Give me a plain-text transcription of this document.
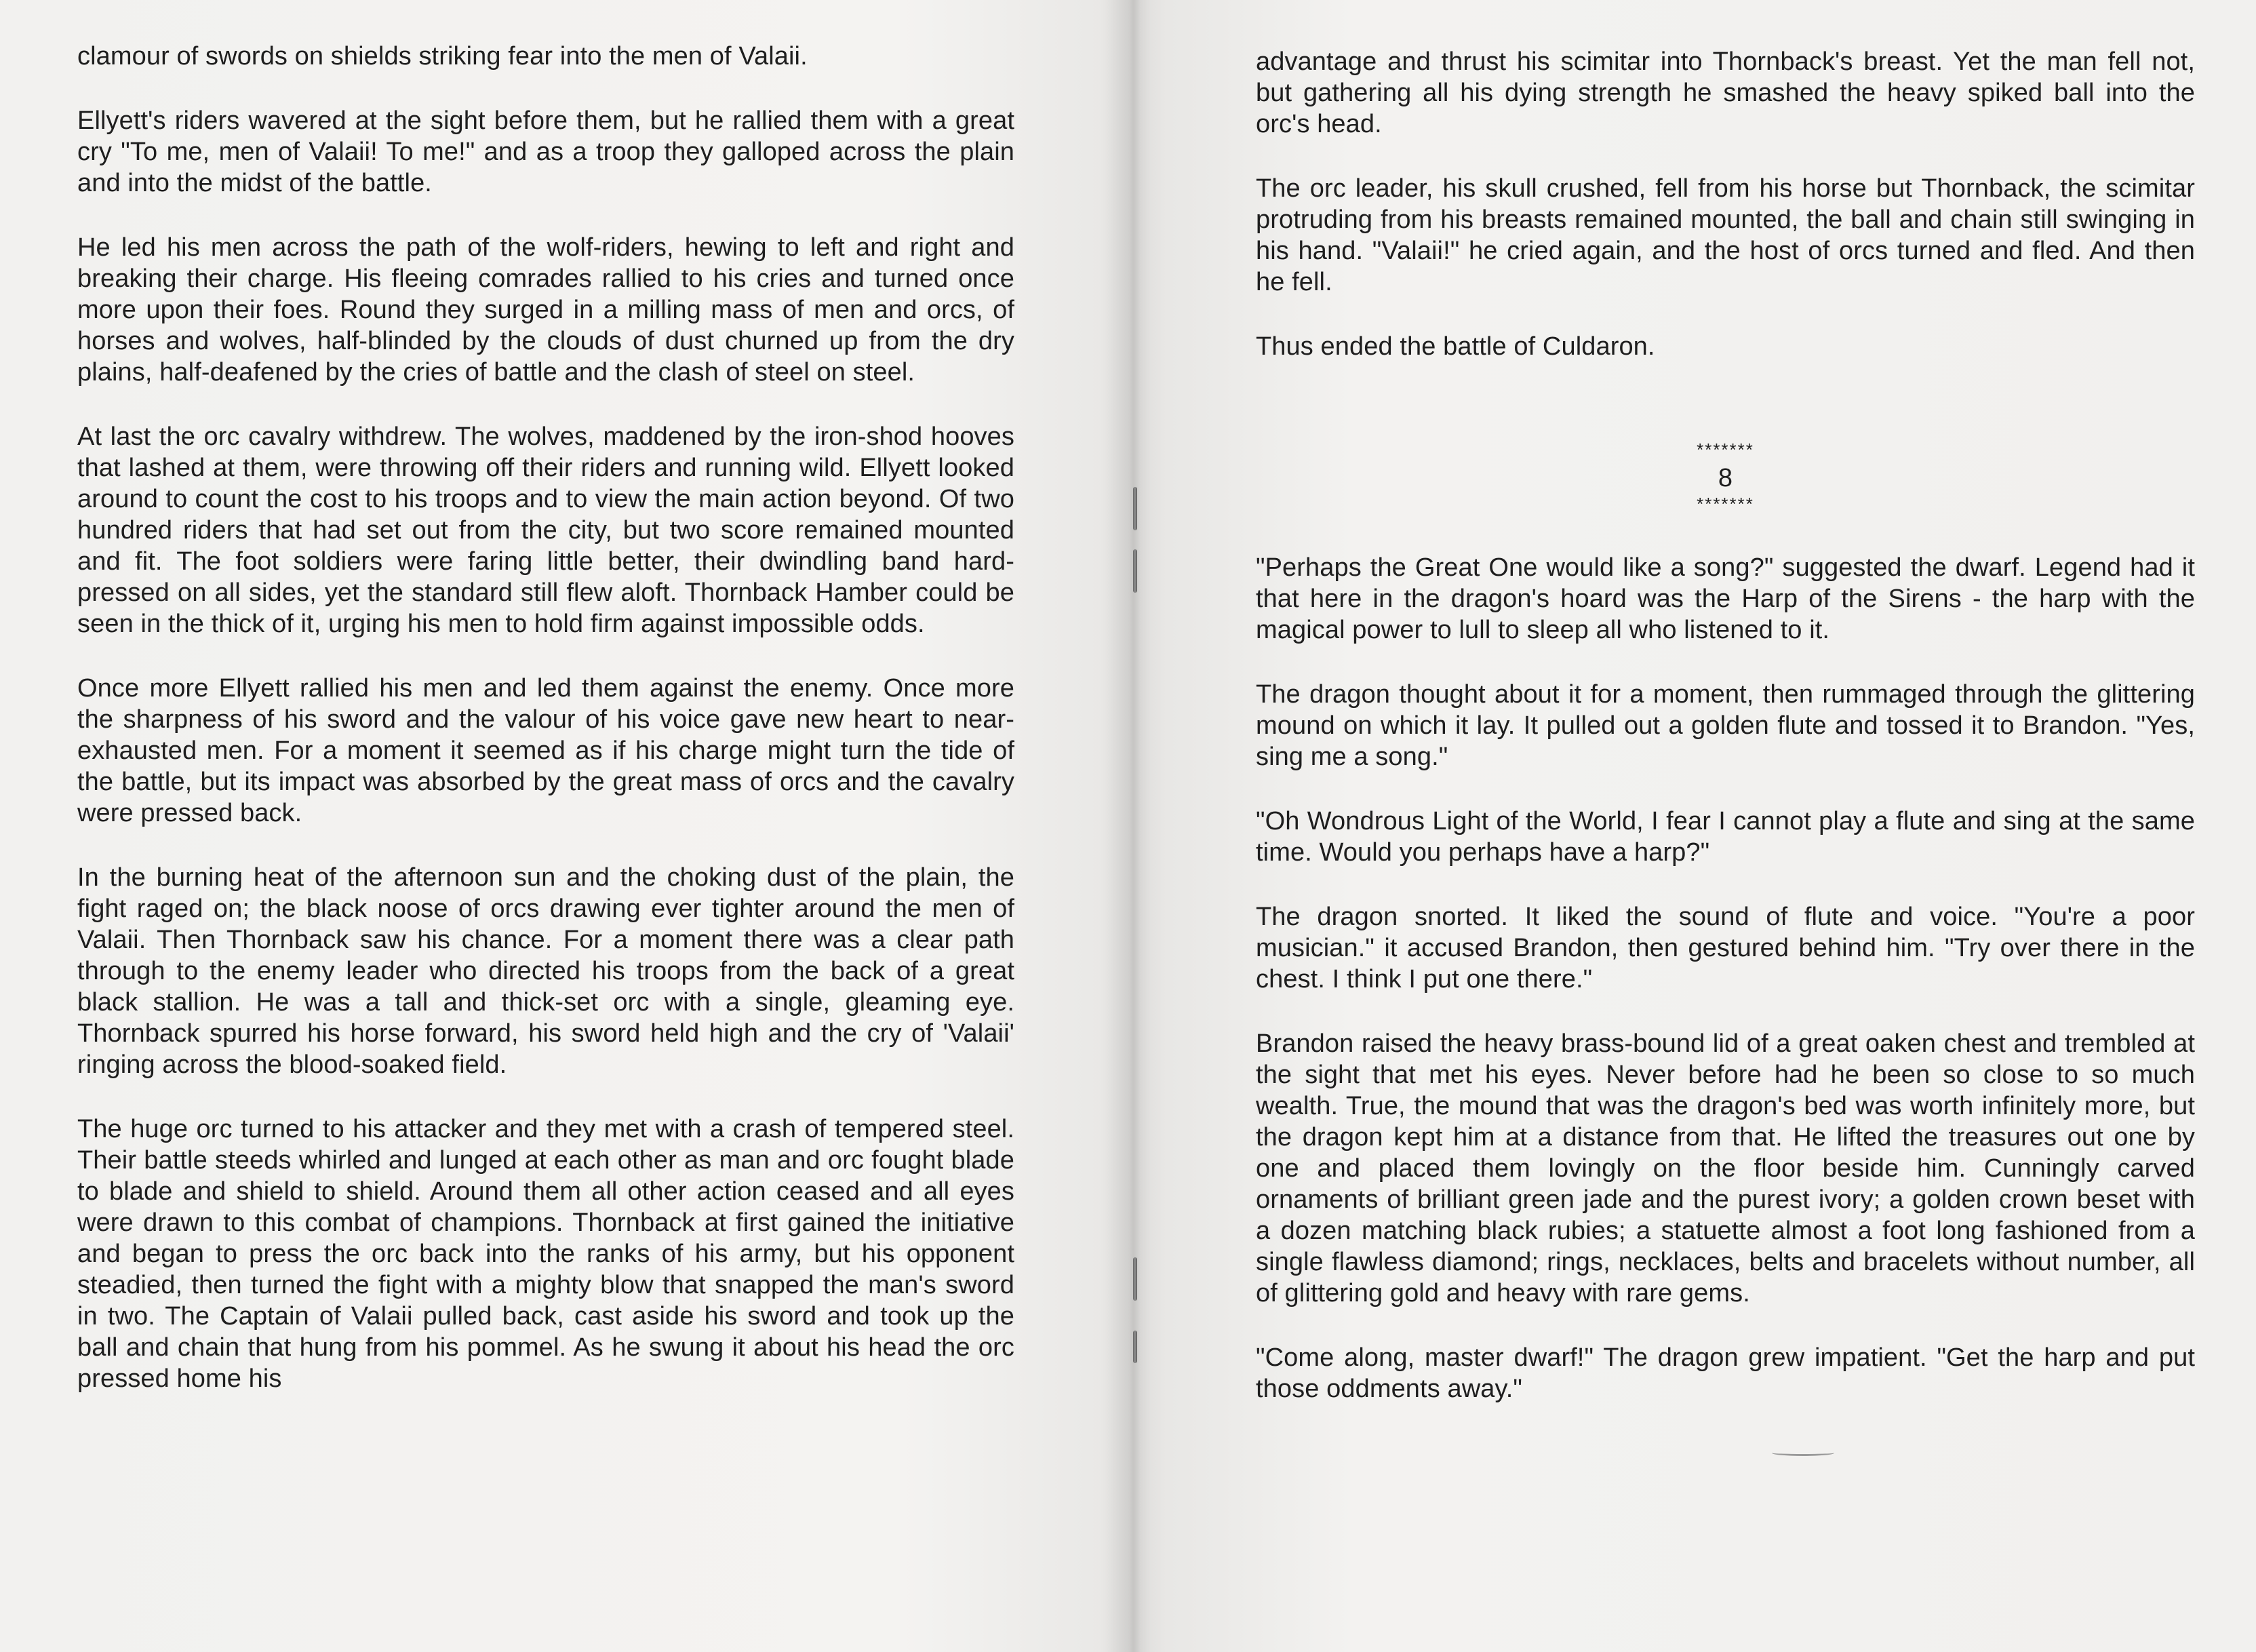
clamour of swords on shields striking fear into the men of Valaii.

Ellyett's riders wavered at the sight before them, but he rallied them with a great cry "To me, men of Valaii! To me!" and as a troop they galloped across the plain and into the midst of the battle.

He led his men across the path of the wolf-riders, hewing to left and right and breaking their charge. His fleeing comrades rallied to his cries and turned once more upon their foes. Round they surged in a milling mass of men and orcs, of horses and wolves, half-blinded by the clouds of dust churned up from the dry plains, half-deafened by the cries of battle and the clash of steel on steel.

At last the orc cavalry withdrew. The wolves, maddened by the iron-shod hooves that lashed at them, were throwing off their riders and running wild. Ellyett looked around to count the cost to his troops and to view the main action beyond. Of two hundred riders that had set out from the city, but two score remained mounted and fit. The foot soldiers were faring little better, their dwindling band hard-pressed on all sides, yet the standard still flew aloft. Thornback Hamber could be seen in the thick of it, urging his men to hold firm against impossible odds.

Once more Ellyett rallied his men and led them against the enemy. Once more the sharpness of his sword and the valour of his voice gave new heart to near-exhausted men. For a moment it seemed as if his charge might turn the tide of the battle, but its impact was absorbed by the great mass of orcs and the cavalry were pressed back.

In the burning heat of the afternoon sun and the choking dust of the plain, the fight raged on; the black noose of orcs drawing ever tighter around the men of Valaii. Then Thornback saw his chance. For a moment there was a clear path through to the enemy leader who directed his troops from the back of a great black stallion. He was a tall and thick-set orc with a single, gleaming eye. Thornback spurred his horse forward, his sword held high and the cry of 'Valaii' ringing across the blood-soaked field.

The huge orc turned to his attacker and they met with a crash of tempered steel. Their battle steeds whirled and lunged at each other as man and orc fought blade to blade and shield to shield. Around them all other action ceased and all eyes were drawn to this combat of champions. Thornback at first gained the initiative and began to press the orc back into the ranks of his army, but his opponent steadied, then turned the fight with a mighty blow that snapped the man's sword in two. The Captain of Valaii pulled back, cast aside his sword and took up the ball and chain that hung from his pommel. As he swung it about his head the orc pressed home his

advantage and thrust his scimitar into Thornback's breast. Yet the man fell not, but gathering all his dying strength he smashed the heavy spiked ball into the orc's head.

The orc leader, his skull crushed, fell from his horse but Thornback, the scimitar protruding from his breasts remained mounted, the ball and chain still swinging in his hand. "Valaii!" he cried again, and the host of orcs turned and fled. And then he fell.

Thus ended the battle of Culdaron.

*******
8
*******

"Perhaps the Great One would like a song?" suggested the dwarf. Legend had it that here in the dragon's hoard was the Harp of the Sirens - the harp with the magical power to lull to sleep all who listened to it.

The dragon thought about it for a moment, then rummaged through the glittering mound on which it lay. It pulled out a golden flute and tossed it to Brandon. "Yes, sing me a song."

"Oh Wondrous Light of the World, I fear I cannot play a flute and sing at the same time. Would you perhaps have a harp?"

The dragon snorted. It liked the sound of flute and voice. "You're a poor musician." it accused Brandon, then gestured behind him. "Try over there in the chest. I think I put one there."

Brandon raised the heavy brass-bound lid of a great oaken chest and trembled at the sight that met his eyes. Never before had he been so close to so much wealth. True, the mound that was the dragon's bed was worth infinitely more, but the dragon kept him at a distance from that. He lifted the treasures out one by one and placed them lovingly on the floor beside him. Cunningly carved ornaments of brilliant green jade and the purest ivory; a golden crown beset with a dozen matching black rubies; a statuette almost a foot long fashioned from a single flawless diamond; rings, necklaces, belts and bracelets without number, all of glittering gold and heavy with rare gems.

"Come along, master dwarf!" The dragon grew impatient. "Get the harp and put those oddments away."
